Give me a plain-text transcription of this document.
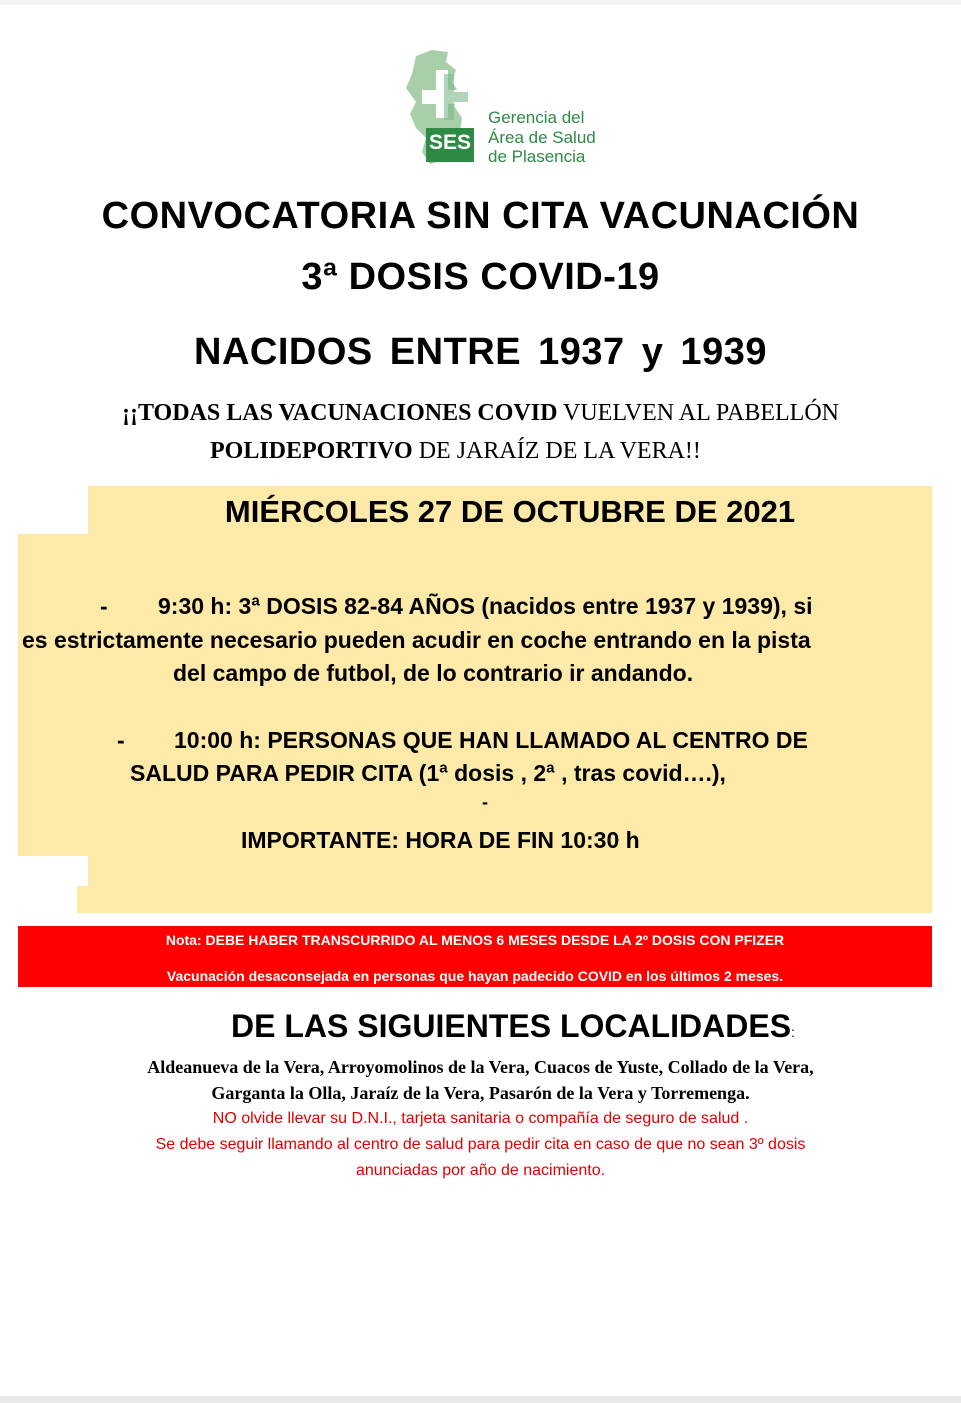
SES
Gerencia del
Área de Salud
de Plasencia
CONVOCATORIA SIN CITA VACUNACIÓN
3ª DOSIS COVID-19
NACIDOS ENTRE 1937 y 1939
¡¡TODAS LAS VACUNACIONES COVID VUELVEN AL PABELLÓN
POLIDEPORTIVO DE JARAÍZ DE LA VERA!!
MIÉRCOLES 27 DE OCTUBRE DE 2021
- 9:30 h: 3ª DOSIS 82-84 AÑOS (nacidos entre 1937 y 1939), si
es estrictamente necesario pueden acudir en coche entrando en la pista
del campo de futbol, de lo contrario ir andando.
- 10:00 h: PERSONAS QUE HAN LLAMADO AL CENTRO DE
SALUD PARA PEDIR CITA (1ª dosis , 2ª , tras covid….),
-
IMPORTANTE: HORA DE FIN 10:30 h
Nota: DEBE HABER TRANSCURRIDO AL MENOS 6 MESES DESDE LA 2º DOSIS CON PFIZER
Vacunación desaconsejada en personas que hayan padecido COVID en los últimos 2 meses.
DE LAS SIGUIENTES LOCALIDADES:
Aldeanueva de la Vera, Arroyomolinos de la Vera, Cuacos de Yuste, Collado de la Vera,
Garganta la Olla, Jaraíz de la Vera, Pasarón de la Vera y Torremenga.
NO olvide llevar su D.N.I., tarjeta sanitaria o compañía de seguro de salud .
Se debe seguir llamando al centro de salud para pedir cita en caso de que no sean 3º dosis
anunciadas por año de nacimiento.
